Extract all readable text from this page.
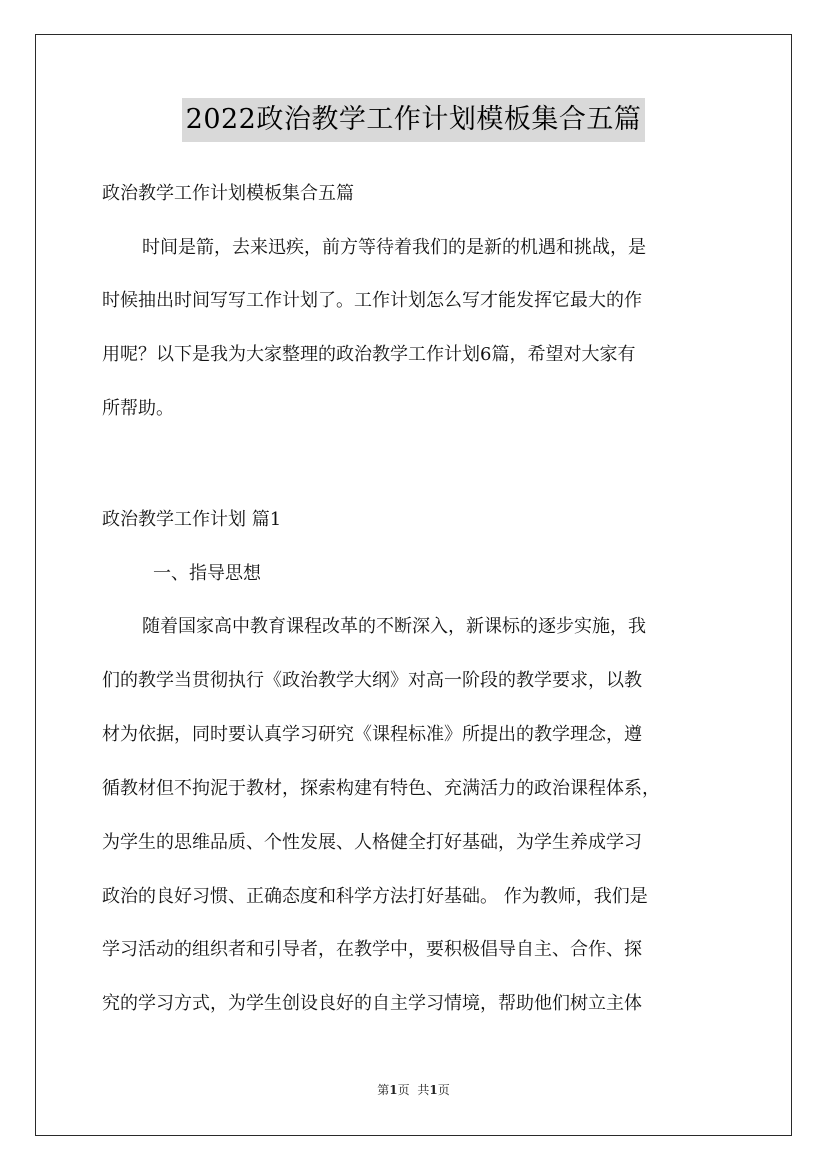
2022政治教学工作计划模板集合五篇
政治教学工作计划模板集合五篇
时间是箭，去来迅疾，前方等待着我们的是新的机遇和挑战，是
时候抽出时间写写工作计划了。工作计划怎么写才能发挥它最大的作
用呢？以下是我为大家整理的政治教学工作计划6篇，希望对大家有
所帮助。
政治教学工作计划 篇1
一、指导思想
随着国家高中教育课程改革的不断深入，新课标的逐步实施，我
们的教学当贯彻执行《政治教学大纲》对高一阶段的教学要求，以教
材为依据，同时要认真学习研究《课程标准》所提出的教学理念，遵
循教材但不拘泥于教材，探索构建有特色、充满活力的政治课程体系，
为学生的思维品质、个性发展、人格健全打好基础，为学生养成学习
政治的良好习惯、正确态度和科学方法打好基础。 作为教师，我们是
学习活动的组织者和引导者，在教学中，要积极倡导自主、合作、探
究的学习方式，为学生创设良好的自主学习情境，帮助他们树立主体
第1页 共1页
